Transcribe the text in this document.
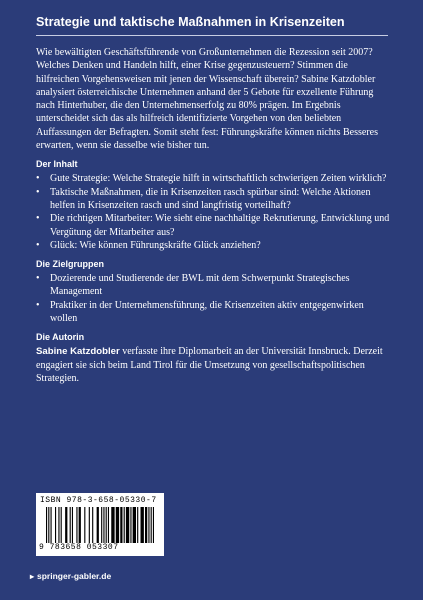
Strategie und taktische Maßnahmen in Krisenzeiten

Wie bewältigten Geschäftsführende von Großunternehmen die Rezession seit 2007? Welches Denken und Handeln hilft, einer Krise gegenzusteuern? Stimmen die hilfreichen Vorgehensweisen mit jenen der Wissenschaft überein? Sabine Katzdobler analysiert österreichische Unternehmen anhand der 5 Gebote für exzellente Führung nach Hinterhuber, die den Unternehmenserfolg zu 80% prägen. Im Ergebnis unterscheidet sich das als hilfreich identifizierte Vorgehen von den beliebten Auffassungen der Befragten. Somit steht fest: Führungskräfte können nichts Besseres erwarten, wenn sie dasselbe wie bisher tun.

Der Inhalt
•	Gute Strategie: Welche Strategie hilft in wirtschaftlich schwierigen Zeiten wirklich?
•	Taktische Maßnahmen, die in Krisenzeiten rasch spürbar sind: Welche Aktionen helfen in Krisenzeiten rasch und sind langfristig vorteilhaft?
•	Die richtigen Mitarbeiter: Wie sieht eine nachhaltige Rekrutierung, Entwicklung und Vergütung der Mitarbeiter aus?
•	Glück: Wie können Führungskräfte Glück anziehen?
Die Zielgruppen
•	Dozierende und Studierende der BWL mit dem Schwerpunkt Strategisches Management
•	Praktiker in der Unternehmensführung, die Krisenzeiten aktiv entgegenwirken wollen
Die Autorin

Sabine Katzdobler verfasste ihre Diplomarbeit an der Universität Innsbruck. Derzeit engagiert sie sich beim Land Tirol für die Umsetzung von gesellschaftspolitischen Strategien.

ISBN 978-3-658-05330-7
9 783658 053307
▸ springer-gabler.de
